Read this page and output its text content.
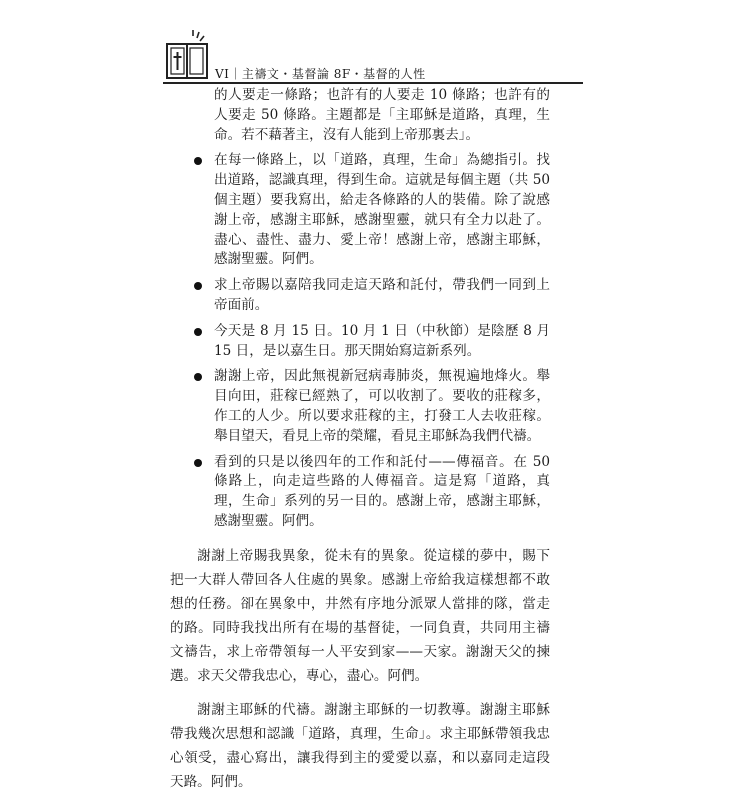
VI｜主禱文・基督論 8F・基督的人性

的人要走一條路；也許有的人要走 10 條路；也許有的人要走 50 條路。主題都是「主耶穌是道路，真理，生命。若不藉著主，沒有人能到上帝那裏去」。

在每一條路上，以「道路，真理，生命」為總指引。找出道路，認識真理，得到生命。這就是每個主題（共 50 個主題）要我寫出，給走各條路的人的裝備。除了說感謝上帝，感謝主耶穌，感謝聖靈，就只有全力以赴了。盡心、盡性、盡力、愛上帝！感謝上帝，感謝主耶穌，感謝聖靈。阿們。
求上帝賜以嘉陪我同走這天路和託付，帶我們一同到上帝面前。
今天是 8 月 15 日。10 月 1 日（中秋節）是陰歷 8 月 15 日，是以嘉生日。那天開始寫這新系列。
謝謝上帝，因此無視新冠病毒肺炎，無視遍地烽火。舉目向田，莊稼已經熟了，可以收割了。要收的莊稼多，作工的人少。所以要求莊稼的主，打發工人去收莊稼。舉目望天，看見上帝的榮耀，看見主耶穌為我們代禱。
看到的只是以後四年的工作和託付——傳福音。在 50 條路上，向走這些路的人傳福音。這是寫「道路，真理，生命」系列的另一目的。感謝上帝，感謝主耶穌，感謝聖靈。阿們。

謝謝上帝賜我異象，從未有的異象。從這樣的夢中，賜下把一大群人帶回各人住處的異象。感謝上帝給我這樣想都不敢想的任務。卻在異象中，井然有序地分派眾人當排的隊，當走的路。同時我找出所有在場的基督徒，一同負責，共同用主禱文禱告，求上帝帶領每一人平安到家——天家。謝謝天父的揀選。求天父帶我忠心，專心，盡心。阿們。

謝謝主耶穌的代禱。謝謝主耶穌的一切教導。謝謝主耶穌帶我幾次思想和認識「道路，真理，生命」。求主耶穌帶領我忠心領受，盡心寫出，讓我得到主的愛愛以嘉，和以嘉同走這段天路。阿們。
